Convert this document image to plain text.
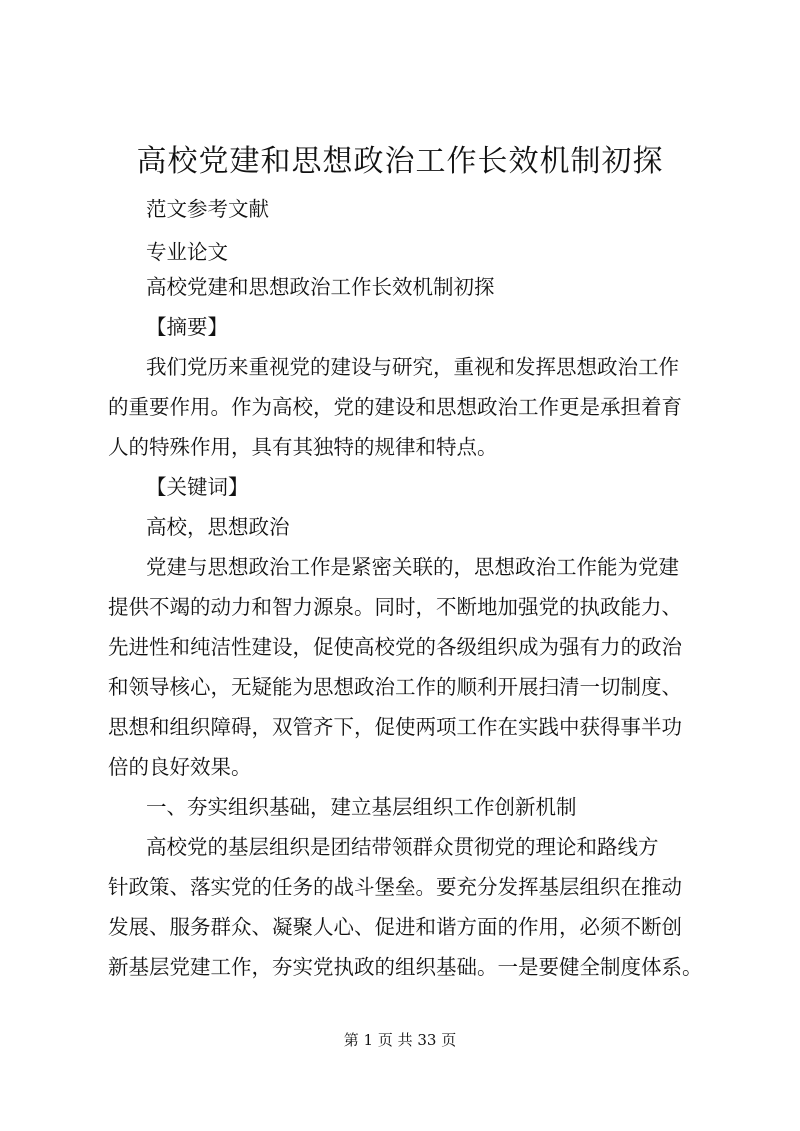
高校党建和思想政治工作长效机制初探
范文参考文献
专业论文
高校党建和思想政治工作长效机制初探
【摘要】
我们党历来重视党的建设与研究，重视和发挥思想政治工作
的重要作用。作为高校，党的建设和思想政治工作更是承担着育
人的特殊作用，具有其独特的规律和特点。
【关键词】
高校，思想政治
党建与思想政治工作是紧密关联的，思想政治工作能为党建
提供不竭的动力和智力源泉。同时，不断地加强党的执政能力、
先进性和纯洁性建设，促使高校党的各级组织成为强有力的政治
和领导核心，无疑能为思想政治工作的顺利开展扫清一切制度、
思想和组织障碍，双管齐下，促使两项工作在实践中获得事半功
倍的良好效果。
一、夯实组织基础，建立基层组织工作创新机制
高校党的基层组织是团结带领群众贯彻党的理论和路线方
针政策、落实党的任务的战斗堡垒。要充分发挥基层组织在推动
发展、服务群众、凝聚人心、促进和谐方面的作用，必须不断创
新基层党建工作，夯实党执政的组织基础。一是要健全制度体系。
第 1 页 共 33 页
